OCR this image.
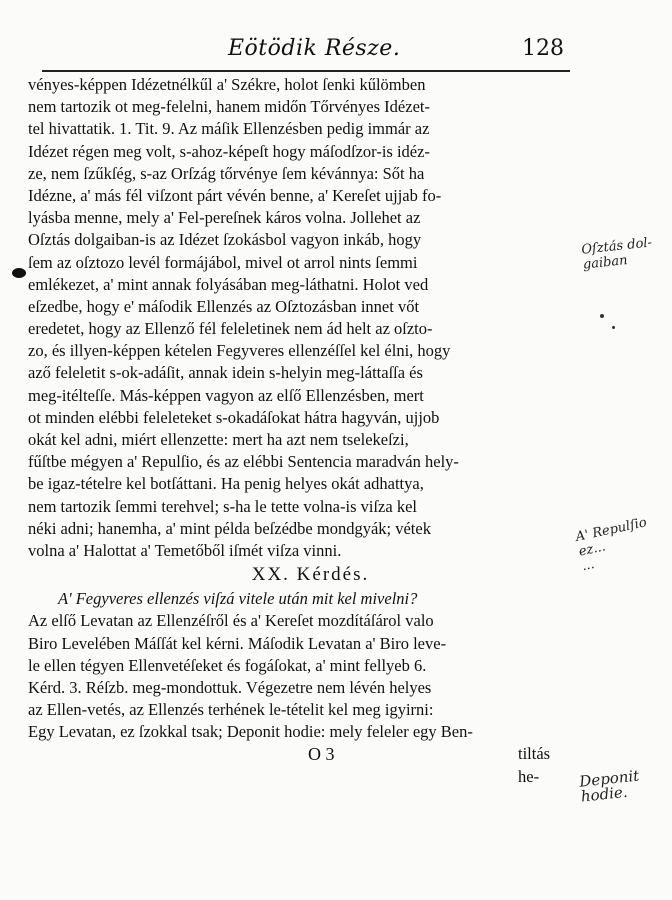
Eötödik Része.	128
vényes-képpen Idézetnélkűl a' Székre, holot ſenki kűlömben
nem tartozik ot meg-felelni, hanem midőn Tőrvényes Idézet-
tel hivattatik. 1. Tit. 9. Az máſik Ellenzésben pedig immár az
Idézet régen meg volt, s-ahoz-képeſt hogy máſodſzor-is idéz-
ze, nem ſzűkſég, s-az Orſzág tőrvénye ſem kévánnya: Sőt ha
Idézne, a' más fél viſzont párt vévén benne, a' Kereſet ujjab fo-
lyásba menne, mely a' Fel-pereſnek káros volna. Jollehet az
Oſztás dolgaiban-is az Idézet ſzokásbol vagyon inkáb, hogy
ſem az oſztozo levél formájábol, mivel ot arrol nints ſemmi
emlékezet, a' mint annak folyásában meg-láthatni. Holot ved
eſzedbe, hogy e' máſodik Ellenzés az Oſztozásban innet vőt
eredetet, hogy az Ellenző fél feleletinek nem ád helt az oſzto-
zo, és illyen-képpen kételen Fegyveres ellenzéſſel kel élni, hogy
aző feleletit s-ok-adáſit, annak idein s-helyin meg-láttaſſa és
meg-itélteſſe. Más-képpen vagyon az elſő Ellenzésben, mert
ot minden elébbi feleleteket s-okadáſokat hátra hagyván, ujjob
okát kel adni, miért ellenzette: mert ha azt nem tselekeſzi,
fűſtbe mégyen a' Repulſio, és az elébbi Sentencia maradván hely-
be igaz-tételre kel botſáttani. Ha penig helyes okát adhattya,
nem tartozik ſemmi terehvel; s-ha le tette volna-is viſza kel
néki adni; hanemha, a' mint példa beſzédbe mondgyák; vétek
volna a' Halottat a' Temetőből iſmét viſza vinni.
XX. Kérdés.
A' Fegyveres ellenzés viſzá vitele után mit kel mivelni?
Az elſő Levatan az Ellenzéſről és a' Kereſet mozdítáſárol valo
Biro Levelében Máſſát kel kérni. Máſodik Levatan a' Biro leve-
le ellen tégyen Ellenvetéſeket és fogáſokat, a' mint fellyeb 6.
Kérd. 3. Réſzb. meg-mondottuk. Végezetre nem lévén helyes
az Ellen-vetés, az Ellenzés terhének le-tételit kel meg igyirni:
Egy Levatan, ez ſzokkal tsak; Deponit hodie: mely feleler egy Ben-
O 3	tiltás he-
Oſztás dol-
gaiban
A' Repulſio
ez...
...
Deponit
hodie.
